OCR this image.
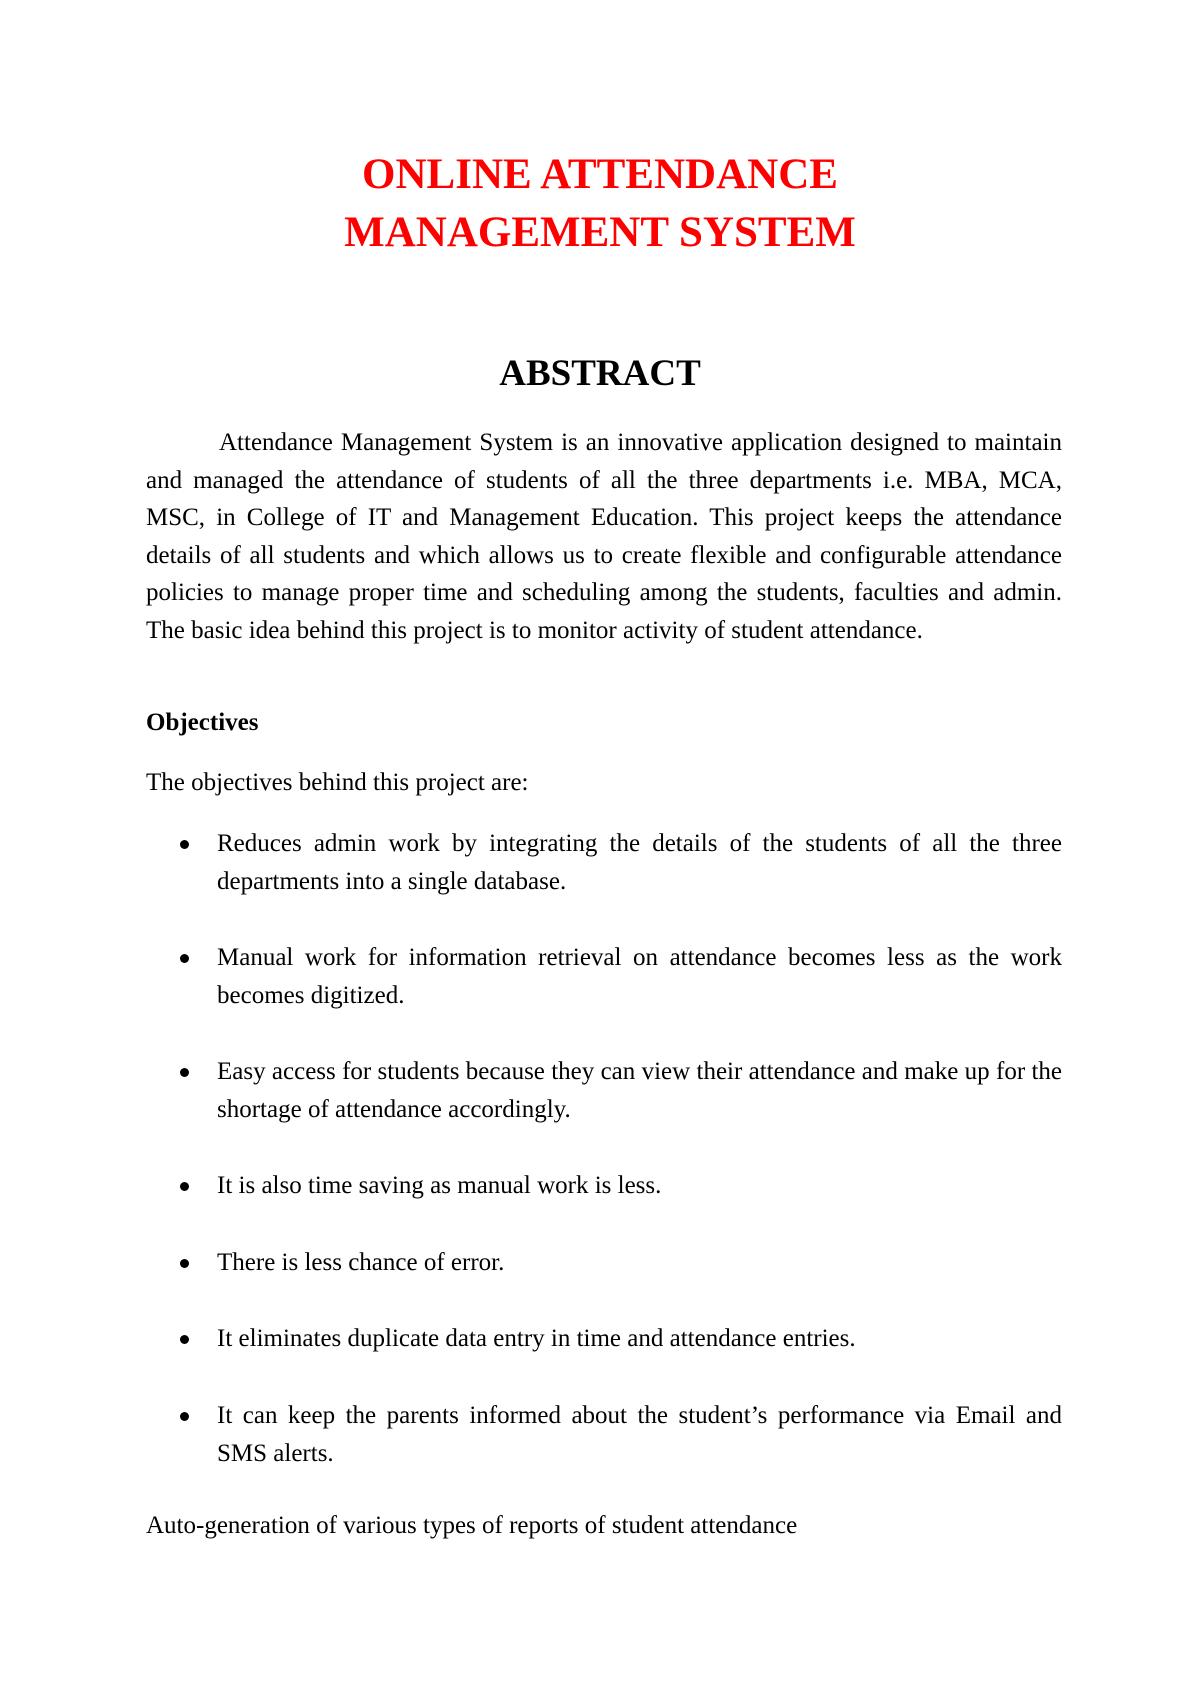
ONLINE ATTENDANCE

MANAGEMENT SYSTEM

ABSTRACT

Attendance Management System is an innovative application designed to maintain and managed the attendance of students of all the three departments i.e. MBA, MCA, MSC, in College of IT and Management Education. This project keeps the attendance details of all students and which allows us to create flexible and configurable attendance policies to manage proper time and scheduling among the students, faculties and admin. The basic idea behind this project is to monitor activity of student attendance.

Objectives

The objectives behind this project are:

Reduces admin work by integrating the details of the students of all the three departments into a single database.
Manual work for information retrieval on attendance becomes less as the work becomes digitized.
Easy access for students because they can view their attendance and make up for the shortage of attendance accordingly.
It is also time saving as manual work is less.
There is less chance of error.
It eliminates duplicate data entry in time and attendance entries.
It can keep the parents informed about the student’s performance via Email and SMS alerts.

Auto-generation of various types of reports of student attendance
